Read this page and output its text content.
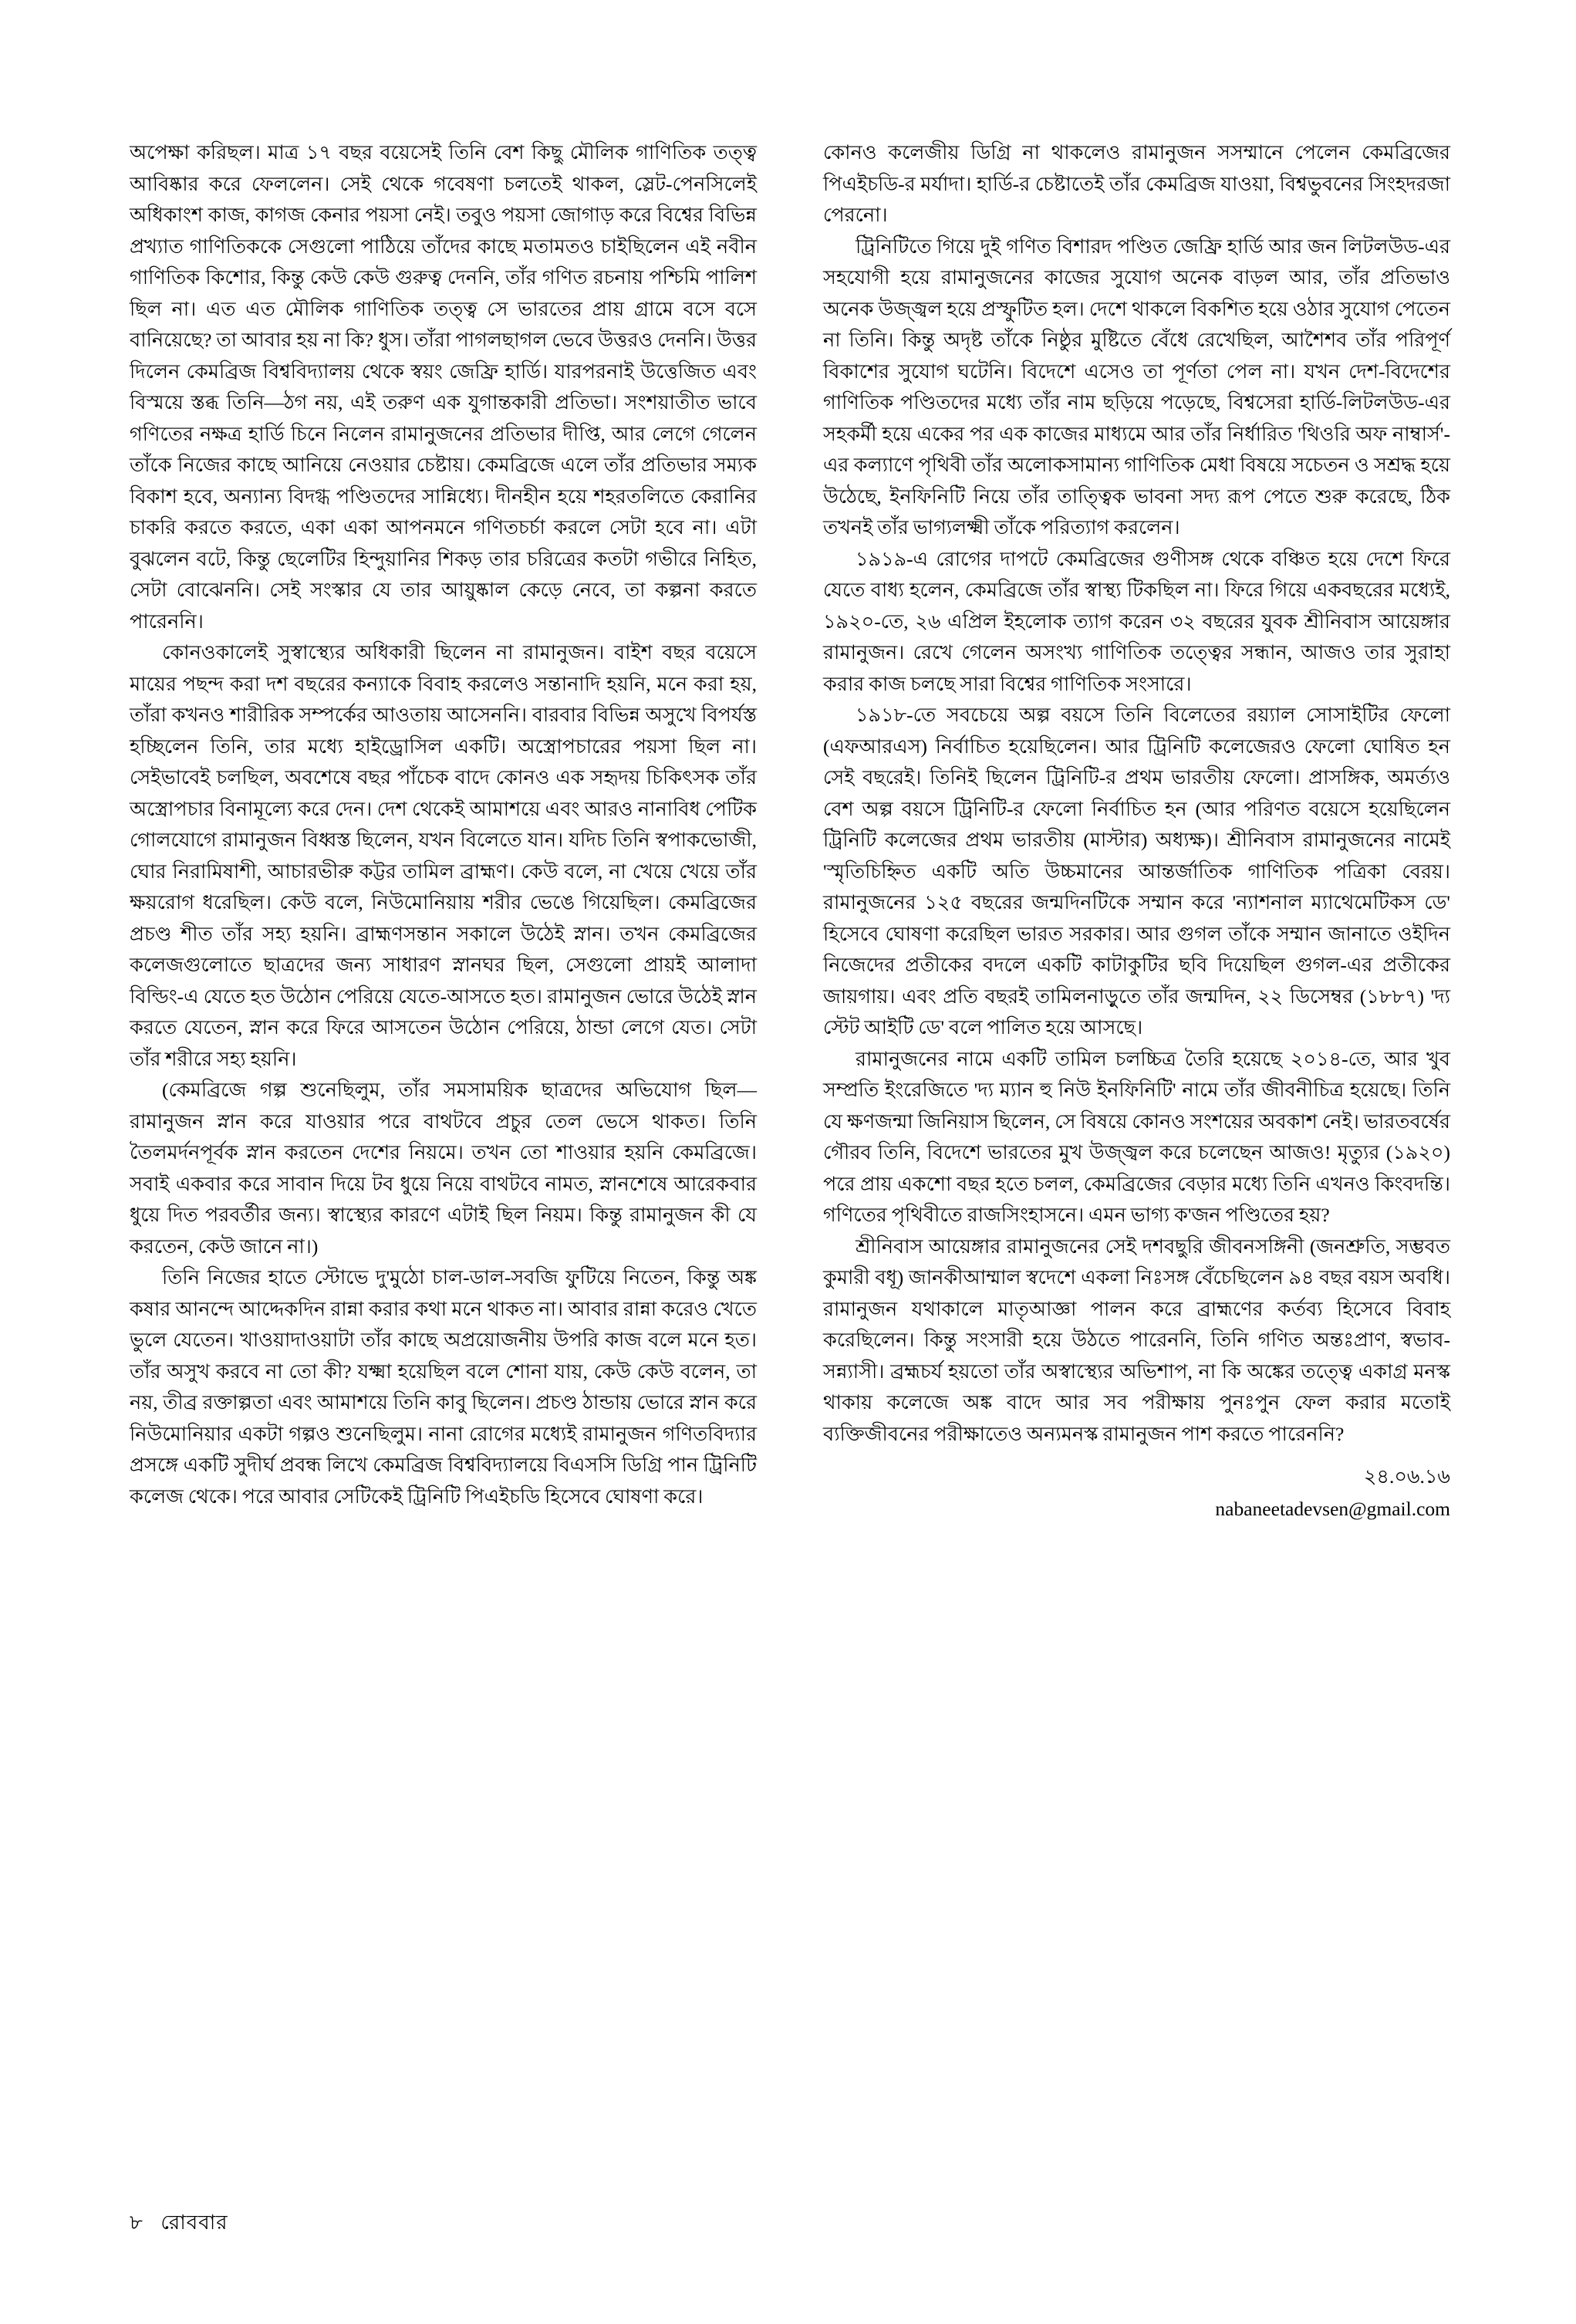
অপেক্ষা করিছল। মাত্র ১৭ বছর বয়েসেই তিনি বেশ কিছু মৌলিক গাণিতিক তত্ত্ব আবিষ্কার করে ফেললেন। সেই থেকে গবেষণা চলতেই থাকল, স্লেট-পেনসিলেই অধিকাংশ কাজ, কাগজ কেনার পয়সা নেই। তবুও পয়সা জোগাড় করে বিশ্বের বিভিন্ন প্রখ্যাত গাণিতিককে সেগুলো পাঠিয়ে তাঁদের কাছে মতামতও চাইছিলেন এই নবীন গাণিতিক কিশোর, কিন্তু কেউ কেউ গুরুত্ব দেননি, তাঁর গণিত রচনায় পশ্চিমি পালিশ ছিল না। এত এত মৌলিক গাণিতিক তত্ত্ব সে ভারতের প্রায় গ্রামে বসে বসে বানিয়েছে? তা আবার হয় না কি? ধুস। তাঁরা পাগলছাগল ভেবে উত্তরও দেননি। উত্তর দিলেন কেমব্রিজ বিশ্ববিদ্যালয় থেকে স্বয়ং জেফ্রি হার্ডি। যারপরনাই উত্তেজিত এবং বিস্ময়ে স্তব্ধ তিনি—ঠগ নয়, এই তরুণ এক যুগান্তকারী প্রতিভা। সংশয়াতীত ভাবে গণিতের নক্ষত্র হার্ডি চিনে নিলেন রামানুজনের প্রতিভার দীপ্তি, আর লেগে গেলেন তাঁকে নিজের কাছে আনিয়ে নেওয়ার চেষ্টায়। কেমব্রিজে এলে তাঁর প্রতিভার সম্যক বিকাশ হবে, অন্যান্য বিদগ্ধ পণ্ডিতদের সান্নিধ্যে। দীনহীন হয়ে শহরতলিতে কেরানির চাকরি করতে করতে, একা একা আপনমনে গণিতচর্চা করলে সেটা হবে না। এটা বুঝলেন বটে, কিন্তু ছেলেটির হিন্দুয়ানির শিকড় তার চরিত্রের কতটা গভীরে নিহিত, সেটা বোঝেননি। সেই সংস্কার যে তার আয়ুষ্কাল কেড়ে নেবে, তা কল্পনা করতে পারেননি।

কোনওকালেই সুস্বাস্থ্যের অধিকারী ছিলেন না রামানুজন। বাইশ বছর বয়েসে মায়ের পছন্দ করা দশ বছরের কন্যাকে বিবাহ করলেও সন্তানাদি হয়নি, মনে করা হয়, তাঁরা কখনও শারীরিক সম্পর্কের আওতায় আসেননি। বারবার বিভিন্ন অসুখে বিপর্যস্ত হচ্ছিলেন তিনি, তার মধ্যে হাইড্রোসিল একটি। অস্ত্রোপচারের পয়সা ছিল না। সেইভাবেই চলছিল, অবশেষে বছর পাঁচেক বাদে কোনও এক সহৃদয় চিকিৎসক তাঁর অস্ত্রোপচার বিনামূল্যে করে দেন। দেশ থেকেই আমাশয়ে এবং আরও নানাবিধ পেটিক গোলযোগে রামানুজন বিধ্বস্ত ছিলেন, যখন বিলেতে যান। যদিচ তিনি স্বপাকভোজী, ঘোর নিরামিষাশী, আচারভীরু কট্টর তামিল ব্রাহ্মণ। কেউ বলে, না খেয়ে খেয়ে তাঁর ক্ষয়রোগ ধরেছিল। কেউ বলে, নিউমোনিয়ায় শরীর ভেঙে গিয়েছিল। কেমব্রিজের প্রচণ্ড শীত তাঁর সহ্য হয়নি। ব্রাহ্মণসন্তান সকালে উঠেই স্নান। তখন কেমব্রিজের কলেজগুলোতে ছাত্রদের জন্য সাধারণ স্নানঘর ছিল, সেগুলো প্রায়ই আলাদা বিল্ডিং-এ যেতে হত উঠোন পেরিয়ে যেতে-আসতে হত। রামানুজন ভোরে উঠেই স্নান করতে যেতেন, স্নান করে ফিরে আসতেন উঠোন পেরিয়ে, ঠান্ডা লেগে যেত। সেটা তাঁর শরীরে সহ্য হয়নি।

(কেমব্রিজে গল্প শুনেছিলুম, তাঁর সমসাময়িক ছাত্রদের অভিযোগ ছিল—রামানুজন স্নান করে যাওয়ার পরে বাথটবে প্রচুর তেল ভেসে থাকত। তিনি তৈলমর্দনপূর্বক স্নান করতেন দেশের নিয়মে। তখন তো শাওয়ার হয়নি কেমব্রিজে। সবাই একবার করে সাবান দিয়ে টব ধুয়ে নিয়ে বাথটবে নামত, স্নানশেষে আরেকবার ধুয়ে দিত পরবর্তীর জন্য। স্বাস্থ্যের কারণে এটাই ছিল নিয়ম। কিন্তু রামানুজন কী যে করতেন, কেউ জানে না।)

তিনি নিজের হাতে স্টোভে দু'মুঠো চাল-ডাল-সবজি ফুটিয়ে নিতেন, কিন্তু অঙ্ক কষার আনন্দে আদ্দেকদিন রান্না করার কথা মনে থাকত না। আবার রান্না করেও খেতে ভুলে যেতেন। খাওয়াদাওয়াটা তাঁর কাছে অপ্রয়োজনীয় উপরি কাজ বলে মনে হত। তাঁর অসুখ করবে না তো কী? যক্ষ্মা হয়েছিল বলে শোনা যায়, কেউ কেউ বলেন, তা নয়, তীব্র রক্তাল্পতা এবং আমাশয়ে তিনি কাবু ছিলেন। প্রচণ্ড ঠান্ডায় ভোরে স্নান করে নিউমোনিয়ার একটা গল্পও শুনেছিলুম। নানা রোগের মধ্যেই রামানুজন গণিতবিদ্যার প্রসঙ্গে একটি সুদীর্ঘ প্রবন্ধ লিখে কেমব্রিজ বিশ্ববিদ্যালয়ে বিএসসি ডিগ্রি পান ট্রিনিটি কলেজ থেকে। পরে আবার সেটিকেই ট্রিনিটি পিএইচডি হিসেবে ঘোষণা করে।

কোনও কলেজীয় ডিগ্রি না থাকলেও রামানুজন সসম্মানে পেলেন কেমব্রিজের পিএইচডি-র মর্যাদা। হার্ডি-র চেষ্টাতেই তাঁর কেমব্রিজ যাওয়া, বিশ্বভুবনের সিংহদরজা পেরনো।

ট্রিনিটিতে গিয়ে দুই গণিত বিশারদ পণ্ডিত জেফ্রি হার্ডি আর জন লিটলউড-এর সহযোগী হয়ে রামানুজনের কাজের সুযোগ অনেক বাড়ল আর, তাঁর প্রতিভাও অনেক উজ্জ্বল হয়ে প্রস্ফুটিত হল। দেশে থাকলে বিকশিত হয়ে ওঠার সুযোগ পেতেন না তিনি। কিন্তু অদৃষ্ট তাঁকে নিষ্ঠুর মুষ্টিতে বেঁধে রেখেছিল, আশৈশব তাঁর পরিপূর্ণ বিকাশের সুযোগ ঘটেনি। বিদেশে এসেও তা পূর্ণতা পেল না। যখন দেশ-বিদেশের গাণিতিক পণ্ডিতদের মধ্যে তাঁর নাম ছড়িয়ে পড়েছে, বিশ্বসেরা হার্ডি-লিটলউড-এর সহকর্মী হয়ে একের পর এক কাজের মাধ্যমে আর তাঁর নির্ধারিত 'থিওরি অফ নাম্বার্স'-এর কল্যাণে পৃথিবী তাঁর অলোকসামান্য গাণিতিক মেধা বিষয়ে সচেতন ও সশ্রদ্ধ হয়ে উঠেছে, ইনফিনিটি নিয়ে তাঁর তাত্ত্বিক ভাবনা সদ্য রূপ পেতে শুরু করেছে, ঠিক তখনই তাঁর ভাগ্যলক্ষ্মী তাঁকে পরিত্যাগ করলেন।

১৯১৯-এ রোগের দাপটে কেমব্রিজের গুণীসঙ্গ থেকে বঞ্চিত হয়ে দেশে ফিরে যেতে বাধ্য হলেন, কেমব্রিজে তাঁর স্বাস্থ্য টিকছিল না। ফিরে গিয়ে একবছরের মধ্যেই, ১৯২০-তে, ২৬ এপ্রিল ইহলোক ত্যাগ করেন ৩২ বছরের যুবক শ্রীনিবাস আয়েঙ্গার রামানুজন। রেখে গেলেন অসংখ্য গাণিতিক তত্ত্বের সন্ধান, আজও তার সুরাহা করার কাজ চলছে সারা বিশ্বের গাণিতিক সংসারে।

১৯১৮-তে সবচেয়ে অল্প বয়সে তিনি বিলেতের রয়্যাল সোসাইটির ফেলো (এফআরএস) নির্বাচিত হয়েছিলেন। আর ট্রিনিটি কলেজেরও ফেলো ঘোষিত হন সেই বছরেই। তিনিই ছিলেন ট্রিনিটি-র প্রথম ভারতীয় ফেলো। প্রাসঙ্গিক, অমর্ত্যও বেশ অল্প বয়সে ট্রিনিটি-র ফেলো নির্বাচিত হন (আর পরিণত বয়েসে হয়েছিলেন ট্রিনিটি কলেজের প্রথম ভারতীয় (মাস্টার) অধ্যক্ষ)। শ্রীনিবাস রামানুজনের নামেই 'স্মৃতিচিহ্নিত একটি অতি উচ্চমানের আন্তর্জাতিক গাণিতিক পত্রিকা বেরয়। রামানুজনের ১২৫ বছরের জন্মদিনটিকে সম্মান করে 'ন্যাশনাল ম্যাথেমেটিকস ডে' হিসেবে ঘোষণা করেছিল ভারত সরকার। আর গুগল তাঁকে সম্মান জানাতে ওইদিন নিজেদের প্রতীকের বদলে একটি কাটাকুটির ছবি দিয়েছিল গুগল-এর প্রতীকের জায়গায়। এবং প্রতি বছরই তামিলনাড়ুতে তাঁর জন্মদিন, ২২ ডিসেম্বর (১৮৮৭) 'দ্য স্টেট আইটি ডে' বলে পালিত হয়ে আসছে।

রামানুজনের নামে একটি তামিল চলচ্চিত্র তৈরি হয়েছে ২০১৪-তে, আর খুব সম্প্রতি ইংরেজিতে 'দ্য ম্যান হু নিউ ইনফিনিটি' নামে তাঁর জীবনীচিত্র হয়েছে। তিনি যে ক্ষণজন্মা জিনিয়াস ছিলেন, সে বিষয়ে কোনও সংশয়ের অবকাশ নেই। ভারতবর্ষের গৌরব তিনি, বিদেশে ভারতের মুখ উজ্জ্বল করে চলেছেন আজও! মৃত্যুর (১৯২০) পরে প্রায় একশো বছর হতে চলল, কেমব্রিজের বেড়ার মধ্যে তিনি এখনও কিংবদন্তি। গণিতের পৃথিবীতে রাজসিংহাসনে। এমন ভাগ্য ক'জন পণ্ডিতের হয়?

শ্রীনিবাস আয়েঙ্গার রামানুজনের সেই দশবছুরি জীবনসঙ্গিনী (জনশ্রুতি, সম্ভবত কুমারী বধূ) জানকীআম্মাল স্বদেশে একলা নিঃসঙ্গ বেঁচেছিলেন ৯৪ বছর বয়স অবধি। রামানুজন যথাকালে মাতৃআজ্ঞা পালন করে ব্রাহ্মণের কর্তব্য হিসেবে বিবাহ করেছিলেন। কিন্তু সংসারী হয়ে উঠতে পারেননি, তিনি গণিত অন্তঃপ্রাণ, স্বভাব-সন্ন্যাসী। ব্রহ্মচর্য হয়তো তাঁর অস্বাস্থ্যের অভিশাপ, না কি অঙ্কের তত্ত্বে একাগ্র মনস্ক থাকায় কলেজে অঙ্ক বাদে আর সব পরীক্ষায় পুনঃপুন ফেল করার মতোই ব্যক্তিজীবনের পরীক্ষাতেও অন্যমনস্ক রামানুজন পাশ করতে পারেননি?

২৪.০৬.১৬
nabaneetadevsen@gmail.com
৮ রোববার
